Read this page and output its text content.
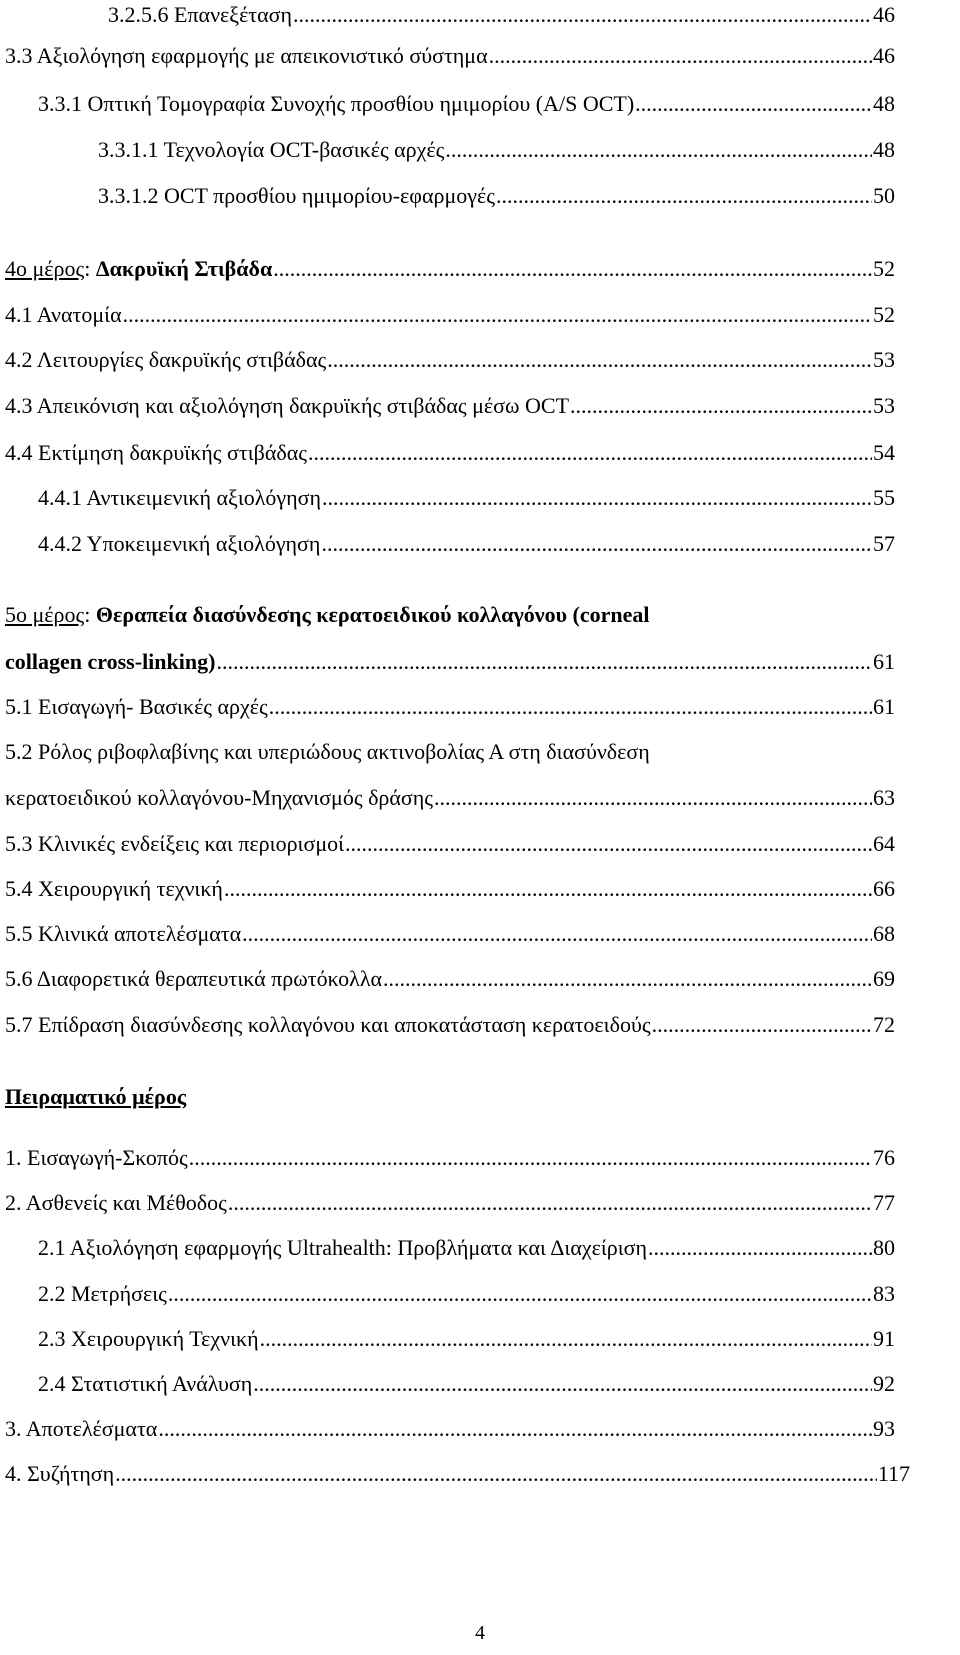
3.2.5.6 Επανεξέταση .....	46
3.3 Αξιολόγηση εφαρμογής με απεικονιστικό σύστημα .....	46
3.3.1 Οπτική Τομογραφία Συνοχής προσθίου ημιμορίου (A/S OCT) .....	48
3.3.1.1 Τεχνολογία OCT-βασικές αρχές .....	48
3.3.1.2 OCT προσθίου ημιμορίου-εφαρμογές .....	50
4ο μέρος: Δακρυϊκή Στιβάδα .....	52
4.1 Ανατομία .....	52
4.2 Λειτουργίες δακρυϊκής στιβάδας .....	53
4.3 Απεικόνιση και αξιολόγηση δακρυϊκής στιβάδας μέσω OCT .....	53
4.4 Εκτίμηση δακρυϊκής στιβάδας .....	54
4.4.1 Αντικειμενική αξιολόγηση .....	55
4.4.2 Υποκειμενική αξιολόγηση .....	57
5ο μέρος: Θεραπεία διασύνδεσης κερατοειδικού κολλαγόνου (corneal
collagen cross-linking) .....	61
5.1 Εισαγωγή- Βασικές αρχές .....	61
5.2 Ρόλος ριβοφλαβίνης και υπεριώδους ακτινοβολίας Α στη διασύνδεση
κερατοειδικού κολλαγόνου-Μηχανισμός δράσης .....	63
5.3 Κλινικές ενδείξεις και περιορισμοί .....	64
5.4 Χειρουργική τεχνική .....	66
5.5 Κλινικά αποτελέσματα .....	68
5.6 Διαφορετικά θεραπευτικά πρωτόκολλα .....	69
5.7 Επίδραση διασύνδεσης κολλαγόνου και αποκατάσταση κερατοειδούς .....	72
Πειραματικό μέρος
1. Εισαγωγή-Σκοπός .....	76
2. Ασθενείς και Μέθοδος .....	77
2.1 Αξιολόγηση εφαρμογής Ultrahealth: Προβλήματα και Διαχείριση .....	80
2.2 Μετρήσεις .....	83
2.3 Χειρουργική Τεχνική .....	91
2.4 Στατιστική Ανάλυση .....	92
3. Αποτελέσματα .....	93
4. Συζήτηση .....	117
4
